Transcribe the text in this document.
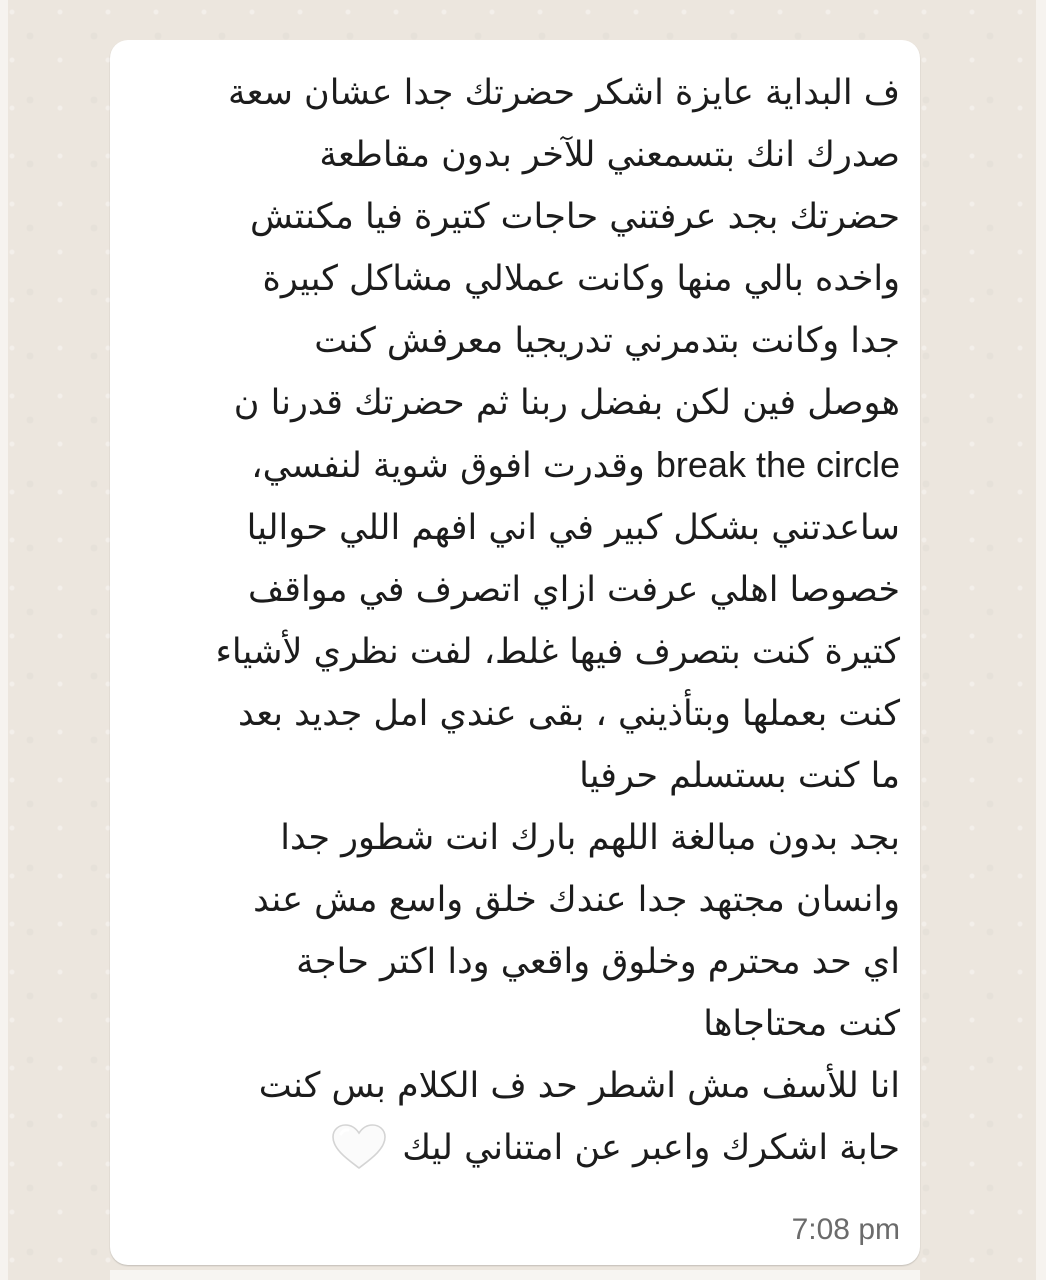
ف البداية عايزة اشكر حضرتك جدا عشان سعة
صدرك انك بتسمعني للآخر بدون مقاطعة
حضرتك بجد عرفتني حاجات كتيرة فيا مكنتش
واخده بالي منها وكانت عملالي مشاكل كبيرة
جدا وكانت بتدمرني تدريجيا معرفش كنت
هوصل فين لكن بفضل ربنا ثم حضرتك قدرنا ن
break the circle وقدرت افوق شوية لنفسي،
ساعدتني بشكل كبير في اني افهم اللي حواليا
خصوصا اهلي عرفت ازاي اتصرف في مواقف
كتيرة كنت بتصرف فيها غلط، لفت نظري لأشياء
كنت بعملها وبتأذيني ، بقى عندي امل جديد بعد
ما كنت بستسلم حرفيا
بجد بدون مبالغة اللهم بارك انت شطور جدا
وانسان مجتهد جدا عندك خلق واسع مش عند
اي حد محترم وخلوق واقعي ودا اكتر حاجة
كنت محتاجاها
انا للأسف مش اشطر حد ف الكلام بس كنت
حابة اشكرك واعبر عن امتناني ليك
7:08 pm
